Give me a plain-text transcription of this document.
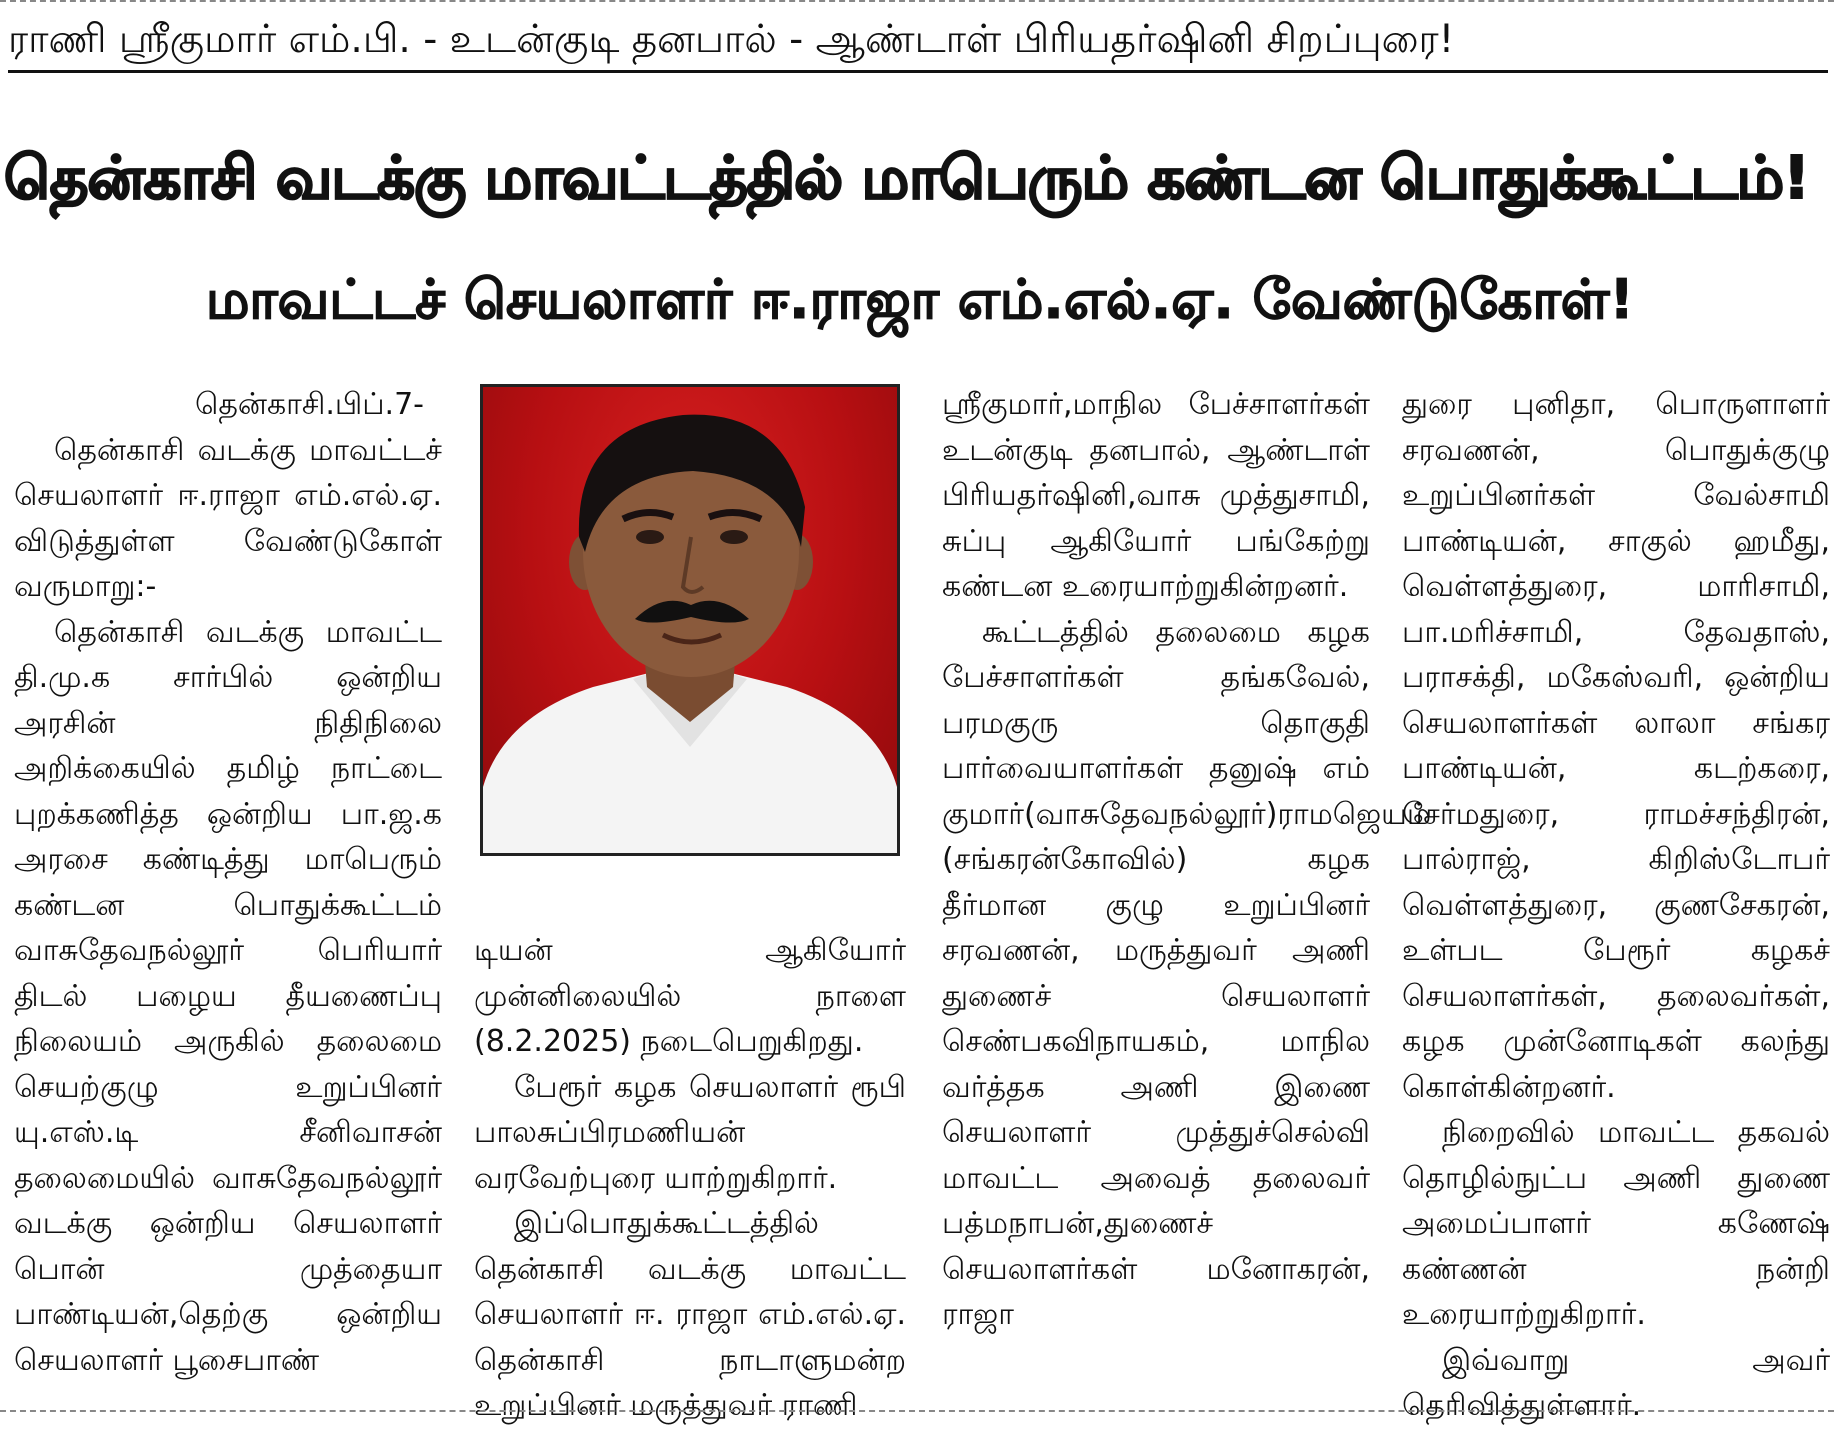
ராணி ஸ்ரீகுமார் எம்.பி. - உடன்குடி தனபால் - ஆண்டாள் பிரியதர்ஷினி சிறப்புரை!
தென்காசி வடக்கு மாவட்டத்தில் மாபெரும் கண்டன பொதுக்கூட்டம்!
மாவட்டச் செயலாளர் ஈ.ராஜா எம்.எல்.ஏ. வேண்டுகோள்!

தென்காசி.பிப்.7-

தென்காசி வடக்கு மாவட்டச் செயலாளர் ஈ.ராஜா எம்.எல்.ஏ. விடுத்துள்ள வேண்டுகோள் வருமாறு:-

தென்காசி வடக்கு மாவட்ட தி.மு.க சார்பில் ஒன்றிய அரசின் நிதிநிலை அறிக்கையில் தமிழ் நாட்டை புறக்கணித்த ஒன்றிய பா.ஜ.க அரசை கண்டித்து மாபெரும் கண்டன பொதுக்கூட்டம் வாசுதேவநல்லூர் பெரியார் திடல் பழைய தீயணைப்பு நிலையம் அருகில் தலைமை செயற்குழு உறுப்பினர் யு.எஸ்.டி சீனிவாசன் தலைமையில் வாசுதேவநல்லூர் வடக்கு ஒன்றிய செயலாளர் பொன் முத்தையா பாண்டியன்,தெற்கு ஒன்றிய செயலாளர் பூசைபாண்

டியன் ஆகியோர் முன்னிலையில் நாளை (8.2.2025) நடைபெறுகிறது.

பேரூர் கழக செயலாளர் ரூபி பாலசுப்பிரமணியன் வரவேற்புரை யாற்றுகிறார்.

இப்பொதுக்கூட்டத்தில் தென்காசி வடக்கு மாவட்ட செயலாளர் ஈ. ராஜா எம்.எல்.ஏ. தென்காசி நாடாளுமன்ற உறுப்பினர் மருத்துவர் ராணி

ஸ்ரீகுமார்,மாநில பேச்சாளர்கள் உடன்குடி தனபால், ஆண்டாள் பிரியதர்ஷினி,வாசு முத்துசாமி, சுப்பு ஆகியோர் பங்கேற்று கண்டன உரையாற்றுகின்றனர்.

கூட்டத்தில் தலைமை கழக பேச்சாளர்கள் தங்கவேல், பரமகுரு தொகுதி பார்வையாளர்கள் தனுஷ் எம் குமார்(வாசுதேவநல்லூர்)ராமஜெயம் (சங்கரன்கோவில்) கழக தீர்மான குழு உறுப்பினர் சரவணன், மருத்துவர் அணி துணைச் செயலாளர் செண்பகவிநாயகம், மாநில வர்த்தக அணி இணை செயலாளர் முத்துச்செல்வி மாவட்ட அவைத் தலைவர் பத்மநாபன்,துணைச் செயலாளர்கள் மனோகரன், ராஜா

துரை புனிதா, பொருளாளர் சரவணன், பொதுக்குழு உறுப்பினர்கள் வேல்சாமி பாண்டியன், சாகுல் ஹமீது, வெள்ளத்துரை, மாரிசாமி, பா.மரிச்சாமி, தேவதாஸ், பராசக்தி, மகேஸ்வரி, ஒன்றிய செயலாளர்கள் லாலா சங்கர பாண்டியன், கடற்கரை, சேர்மதுரை, ராமச்சந்திரன், பால்ராஜ், கிறிஸ்டோபர் வெள்ளத்துரை, குணசேகரன், உள்பட பேரூர் கழகச் செயலாளர்கள், தலைவர்கள், கழக முன்னோடிகள் கலந்து கொள்கின்றனர்.

நிறைவில் மாவட்ட தகவல் தொழில்நுட்ப அணி துணை அமைப்பாளர் கணேஷ் கண்ணன் நன்றி உரையாற்றுகிறார்.

இவ்வாறு அவர் தெரிவித்துள்ளார்.
